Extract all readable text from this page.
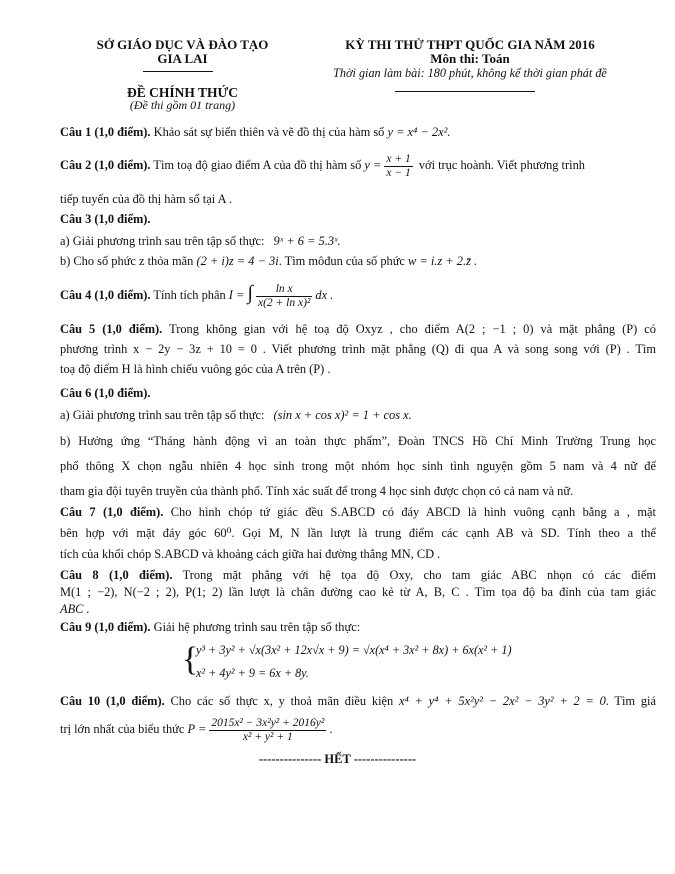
SỞ GIÁO DỤC VÀ ĐÀO TẠO
GIA LAI
ĐỀ CHÍNH THỨC
(Đề thi gồm 01 trang)
KỲ THI THỬ THPT QUỐC GIA NĂM 2016
Môn thi: Toán
Thời gian làm bài: 180 phút, không kể thời gian phát đề
Câu 1 (1,0 điểm). Khảo sát sự biến thiên và vẽ đồ thị của hàm số y = x⁴ − 2x².
Câu 2 (1,0 điểm). Tìm toạ độ giao điểm A của đồ thị hàm số $y = \frac{x + 1}{x - 1}$ với trục hoành. Viết phương trình
tiếp tuyến của đồ thị hàm số tại A .
Câu 3 (1,0 điểm).
a) Giải phương trình sau trên tập số thực: 9ˣ + 6 = 5.3ˣ.
b) Cho số phức z thỏa mãn (2 + i)z = 4 − 3i. Tìm môđun của số phức w = i.z + 2.z̄ .
Câu 4 (1,0 điểm). Tính tích phân I = ∫ $\frac{\text{ln x}}{\text{x(2 + ln x)²}}$ dx .
Câu 5 (1,0 điểm). Trong không gian với hệ toạ độ Oxyz , cho điểm A(2 ; −1 ; 0) và mặt phẳng (P) có
phương trình x − 2y − 3z + 10 = 0 . Viết phương trình mặt phẳng (Q) đi qua A và song song với (P) . Tìm
toạ độ điểm H là hình chiếu vuông góc của A trên (P) .
Câu 6 (1,0 điểm).
a) Giải phương trình sau trên tập số thực: (sin x + cos x)² = 1 + cos x.
b) Hưởng ứng “Tháng hành động vì an toàn thực phẩm”, Đoàn TNCS Hồ Chí Minh Trường Trung học
phổ thông X chọn ngẫu nhiên 4 học sinh trong một nhóm học sinh tình nguyện gồm 5 nam và 4 nữ để
tham gia đội tuyên truyền của thành phố. Tính xác suất để trong 4 học sinh được chọn có cả nam và nữ.
Câu 7 (1,0 điểm). Cho hình chóp tứ giác đều S.ABCD có đáy ABCD là hình vuông cạnh bằng a , mặt
bên hợp với mặt đáy góc 60⁰. Gọi M, N lần lượt là trung điểm các cạnh AB và SD. Tính theo a thể
tích của khối chóp S.ABCD và khoảng cách giữa hai đường thẳng MN, CD .
Câu 8 (1,0 điểm). Trong mặt phẳng với hệ tọa độ Oxy, cho tam giác ABC nhọn có các điểm
M(1 ; −2), N(−2 ; 2), P(1; 2) lần lượt là chân đường cao kẻ từ A, B, C . Tìm tọa độ ba đỉnh của tam giác
ABC .
Câu 9 (1,0 điểm). Giải hệ phương trình sau trên tập số thực:
{
y³ + 3y² + √x(3x² + 12x√x + 9) = √x(x⁴ + 3x² + 8x) + 6x(x² + 1)
x² + 4y² + 9 = 6x + 8y.
Câu 10 (1,0 điểm). Cho các số thực x, y thoả mãn điều kiện x⁴ + y⁴ + 5x²y² − 2x² − 3y² + 2 = 0. Tìm giá
trị lớn nhất của biểu thức $P = \frac{\text{2015x² − 3x²y² + 2016y²}}{\text{x² + y² + 1}}$ .
--------------- HẾT ---------------
